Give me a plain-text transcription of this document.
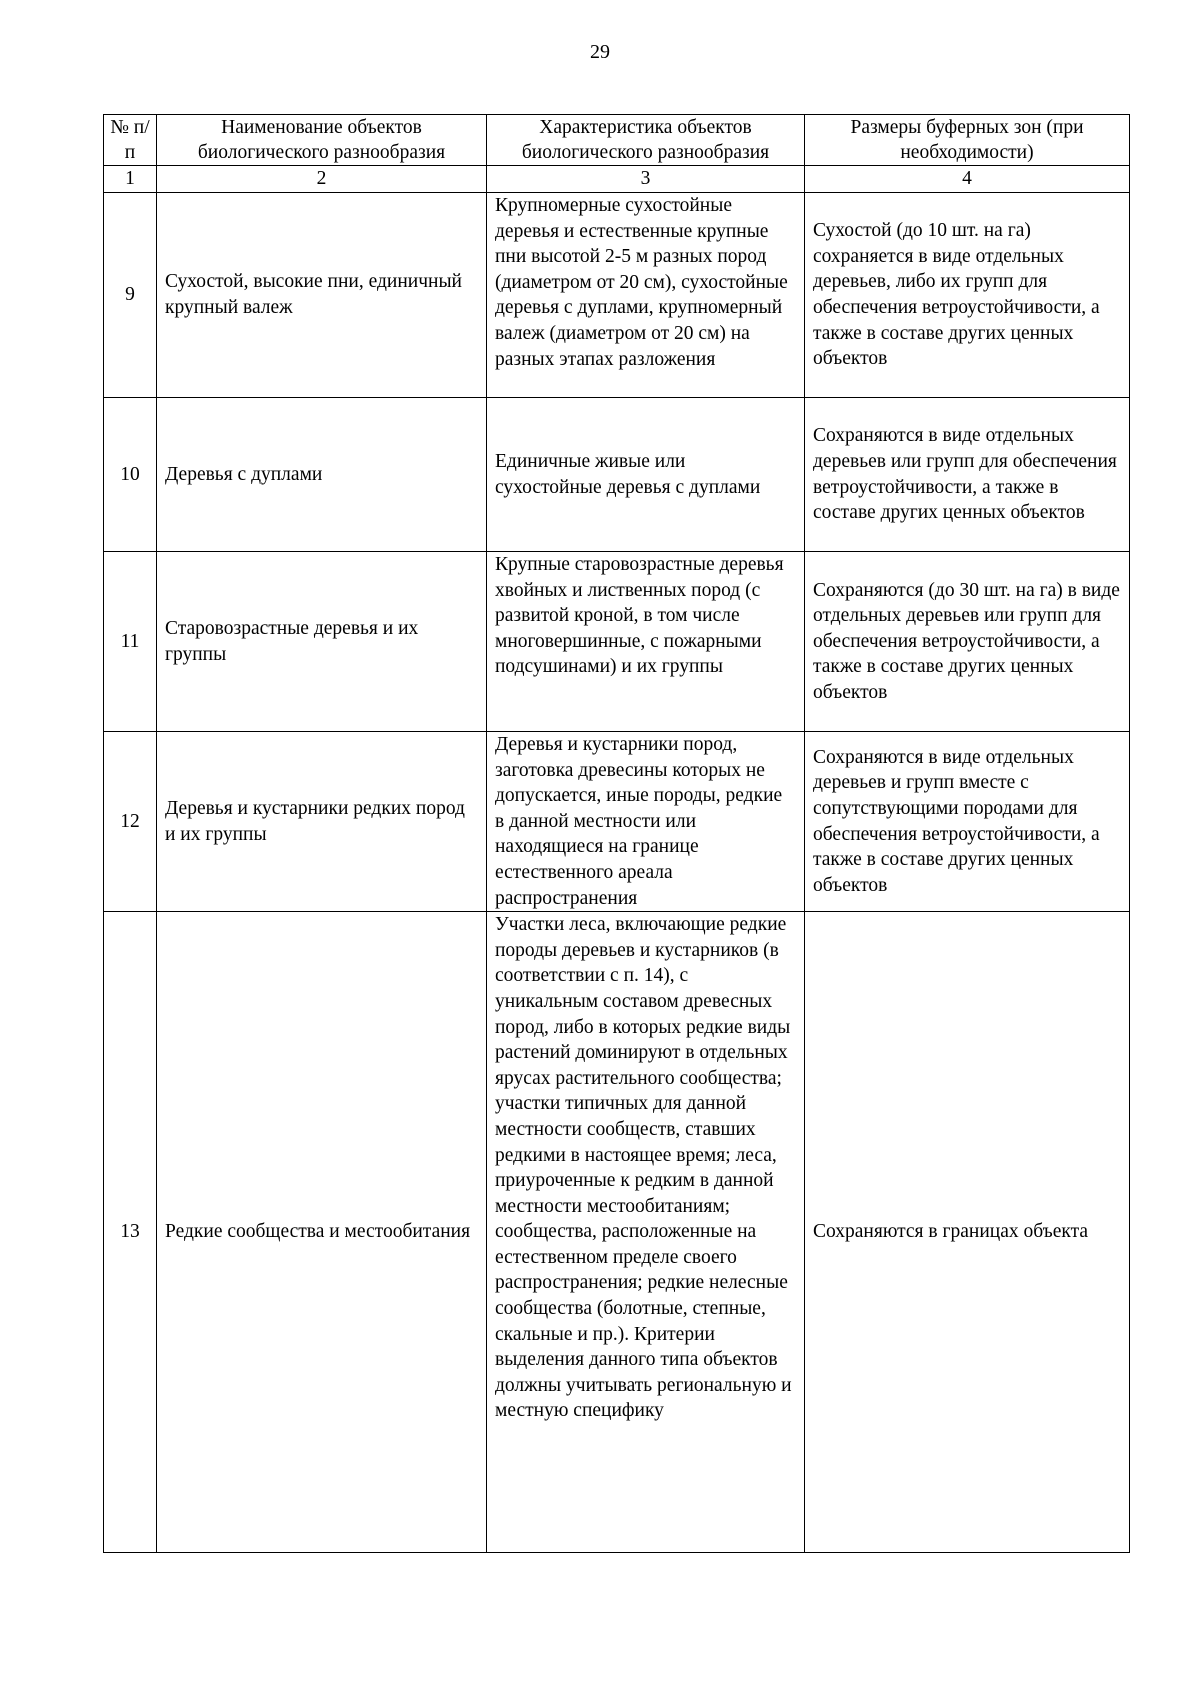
29
№ п/п	Наименование объектов биологического разнообразия	Характеристика объектов биологического разнообразия	Размеры буферных зон (при необходимости)
1	2	3	4
9	Сухостой, высокие пни, единичный крупный валеж	Крупномерные сухостойные деревья и естественные крупные пни высотой 2-5 м разных пород (диаметром от 20 см), сухостойные деревья с дуплами, крупномерный валеж (диаметром от 20 см) на разных этапах разложения	Сухостой (до 10 шт. на га) сохраняется в виде отдельных деревьев, либо их групп для обеспечения ветроустойчивости, а также в составе других ценных объектов
10	Деревья с дуплами	Единичные живые или сухостойные деревья с дуплами	Сохраняются в виде отдельных деревьев или групп для обеспечения ветроустойчивости, а также в составе других ценных объектов
11	Старовозрастные деревья и их группы	Крупные старовозрастные деревья хвойных и лиственных пород (с развитой кроной, в том числе многовершинные, с пожарными подсушинами) и их группы	Сохраняются (до 30 шт. на га) в виде отдельных деревьев или групп для обеспечения ветроустойчивости, а также в составе других ценных объектов
12	Деревья и кустарники редких пород и их группы	Деревья и кустарники пород, заготовка древесины которых не допускается, иные породы, редкие в данной местности или находящиеся на границе естественного ареала распространения	Сохраняются в виде отдельных деревьев и групп вместе с сопутствующими породами для обеспечения ветроустойчивости, а также в составе других ценных объектов
13	Редкие сообщества и местообитания	Участки леса, включающие редкие породы деревьев и кустарников (в соответствии с п. 14), с уникальным составом древесных пород, либо в которых редкие виды растений доминируют в отдельных ярусах растительного сообщества; участки типичных для данной местности сообществ, ставших редкими в настоящее время; леса, приуроченные к редким в данной местности местообитаниям; сообщества, расположенные на естественном пределе своего распространения; редкие нелесные сообщества (болотные, степные, скальные и пр.). Критерии выделения данного типа объектов должны учитывать региональную и местную специфику	Сохраняются в границах объекта
